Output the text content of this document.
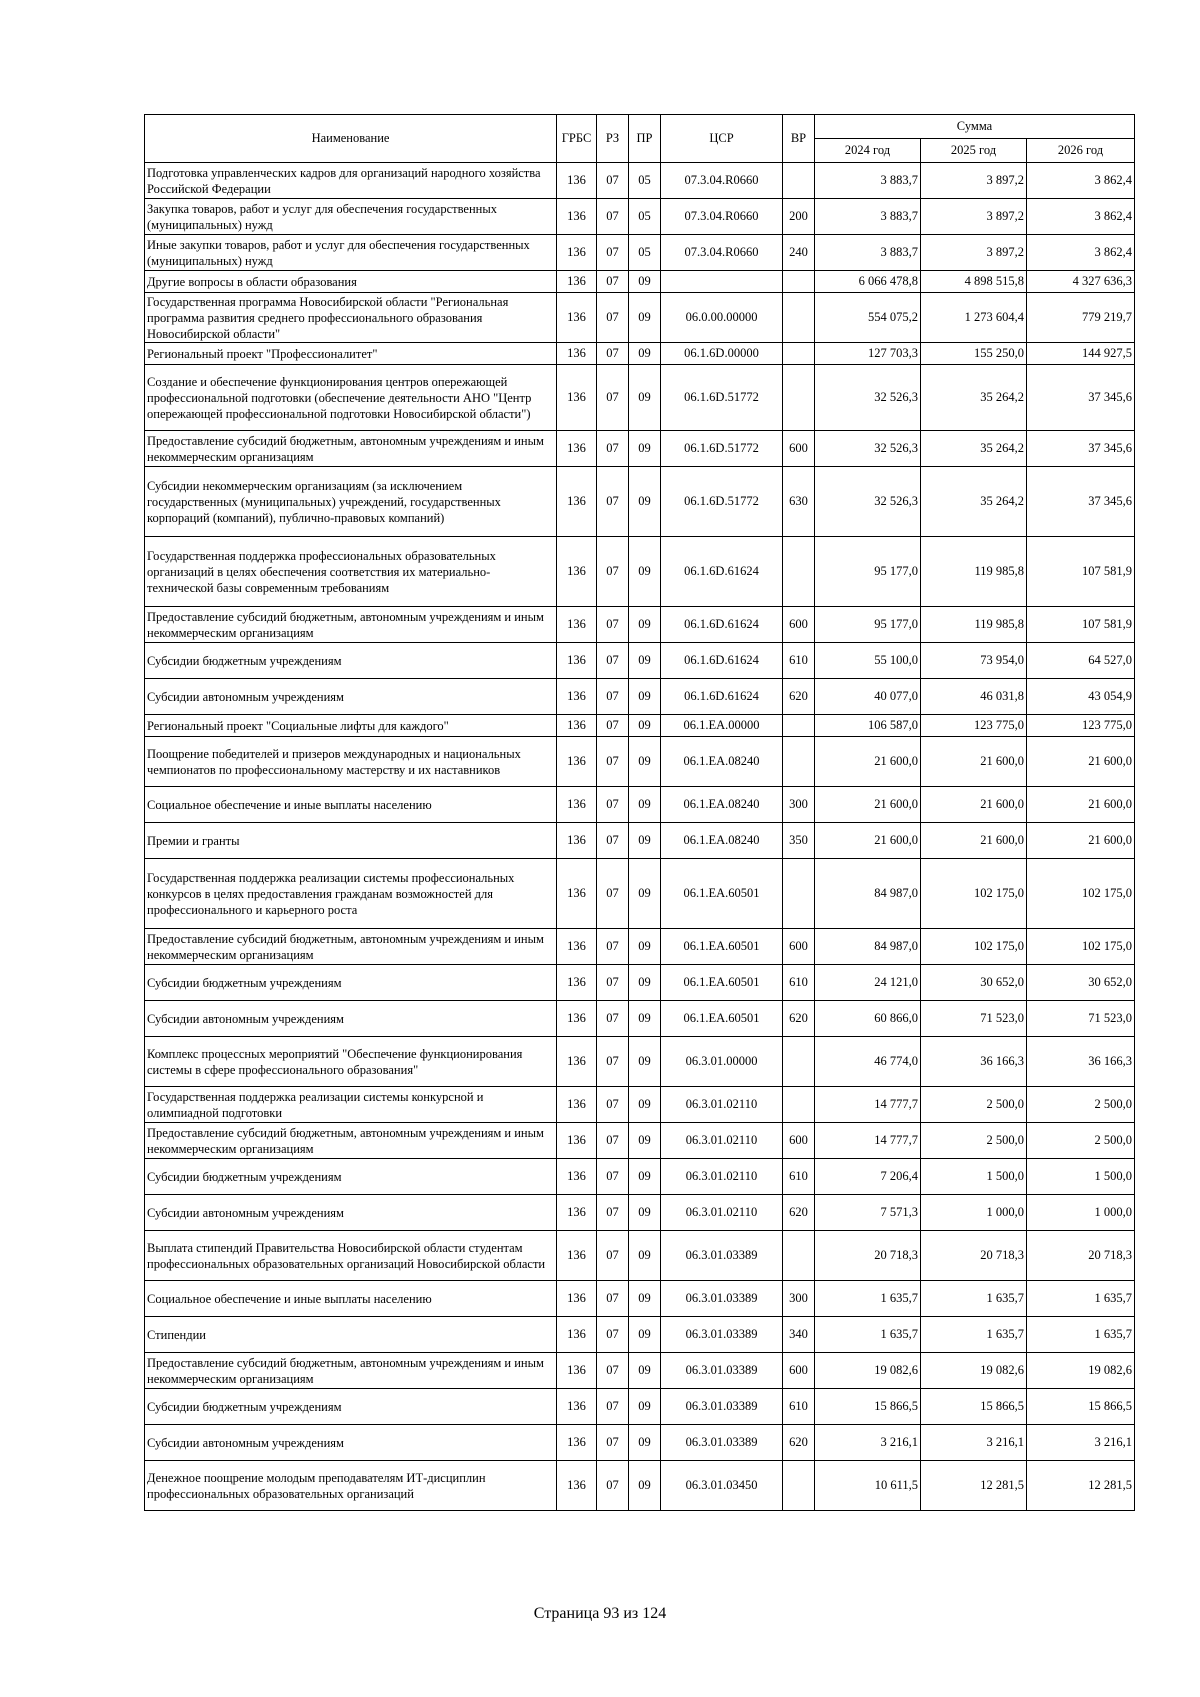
Наименование	ГРБС	РЗ	ПР	ЦСР	ВР	Сумма		
						2024 год	2025 год	2026 год
Подготовка управленческих кадров для организаций народного хозяйства Российской Федерации	136	07	05	07.3.04.R0660		3 883,7	3 897,2	3 862,4
Закупка товаров, работ и услуг для обеспечения государственных (муниципальных) нужд	136	07	05	07.3.04.R0660	200	3 883,7	3 897,2	3 862,4
Иные закупки товаров, работ и услуг для обеспечения государственных (муниципальных) нужд	136	07	05	07.3.04.R0660	240	3 883,7	3 897,2	3 862,4
Другие вопросы в области образования	136	07	09			6 066 478,8	4 898 515,8	4 327 636,3
Государственная программа Новосибирской области "Региональная программа развития среднего профессионального образования Новосибирской области"	136	07	09	06.0.00.00000		554 075,2	1 273 604,4	779 219,7
Региональный проект "Профессионалитет"	136	07	09	06.1.6D.00000		127 703,3	155 250,0	144 927,5
Создание и обеспечение функционирования центров опережающей профессиональной подготовки (обеспечение деятельности АНО "Центр опережающей профессиональной подготовки Новосибирской области")	136	07	09	06.1.6D.51772		32 526,3	35 264,2	37 345,6
Предоставление субсидий бюджетным, автономным учреждениям и иным некоммерческим организациям	136	07	09	06.1.6D.51772	600	32 526,3	35 264,2	37 345,6
Субсидии некоммерческим организациям (за исключением государственных (муниципальных) учреждений, государственных корпораций (компаний), публично-правовых компаний)	136	07	09	06.1.6D.51772	630	32 526,3	35 264,2	37 345,6
Государственная поддержка профессиональных образовательных организаций в целях обеспечения соответствия их материально-технической базы современным требованиям	136	07	09	06.1.6D.61624		95 177,0	119 985,8	107 581,9
Предоставление субсидий бюджетным, автономным учреждениям и иным некоммерческим организациям	136	07	09	06.1.6D.61624	600	95 177,0	119 985,8	107 581,9
Субсидии бюджетным учреждениям	136	07	09	06.1.6D.61624	610	55 100,0	73 954,0	64 527,0
Субсидии автономным учреждениям	136	07	09	06.1.6D.61624	620	40 077,0	46 031,8	43 054,9
Региональный проект "Социальные лифты для каждого"	136	07	09	06.1.EA.00000		106 587,0	123 775,0	123 775,0
Поощрение победителей и призеров международных и национальных чемпионатов по профессиональному мастерству и их наставников	136	07	09	06.1.EA.08240		21 600,0	21 600,0	21 600,0
Социальное обеспечение и иные выплаты населению	136	07	09	06.1.EA.08240	300	21 600,0	21 600,0	21 600,0
Премии и гранты	136	07	09	06.1.EA.08240	350	21 600,0	21 600,0	21 600,0
Государственная поддержка реализации системы профессиональных конкурсов в целях предоставления гражданам возможностей для профессионального и карьерного роста	136	07	09	06.1.EA.60501		84 987,0	102 175,0	102 175,0
Предоставление субсидий бюджетным, автономным учреждениям и иным некоммерческим организациям	136	07	09	06.1.EA.60501	600	84 987,0	102 175,0	102 175,0
Субсидии бюджетным учреждениям	136	07	09	06.1.EA.60501	610	24 121,0	30 652,0	30 652,0
Субсидии автономным учреждениям	136	07	09	06.1.EA.60501	620	60 866,0	71 523,0	71 523,0
Комплекс процессных мероприятий "Обеспечение функционирования системы в сфере профессионального образования"	136	07	09	06.3.01.00000		46 774,0	36 166,3	36 166,3
Государственная поддержка реализации системы конкурсной и олимпиадной подготовки	136	07	09	06.3.01.02110		14 777,7	2 500,0	2 500,0
Предоставление субсидий бюджетным, автономным учреждениям и иным некоммерческим организациям	136	07	09	06.3.01.02110	600	14 777,7	2 500,0	2 500,0
Субсидии бюджетным учреждениям	136	07	09	06.3.01.02110	610	7 206,4	1 500,0	1 500,0
Субсидии автономным учреждениям	136	07	09	06.3.01.02110	620	7 571,3	1 000,0	1 000,0
Выплата стипендий Правительства Новосибирской области студентам профессиональных образовательных организаций Новосибирской области	136	07	09	06.3.01.03389		20 718,3	20 718,3	20 718,3
Социальное обеспечение и иные выплаты населению	136	07	09	06.3.01.03389	300	1 635,7	1 635,7	1 635,7
Стипендии	136	07	09	06.3.01.03389	340	1 635,7	1 635,7	1 635,7
Предоставление субсидий бюджетным, автономным учреждениям и иным некоммерческим организациям	136	07	09	06.3.01.03389	600	19 082,6	19 082,6	19 082,6
Субсидии бюджетным учреждениям	136	07	09	06.3.01.03389	610	15 866,5	15 866,5	15 866,5
Субсидии автономным учреждениям	136	07	09	06.3.01.03389	620	3 216,1	3 216,1	3 216,1
Денежное поощрение молодым преподавателям ИТ-дисциплин профессиональных образовательных организаций	136	07	09	06.3.01.03450		10 611,5	12 281,5	12 281,5
Страница 93 из 124
